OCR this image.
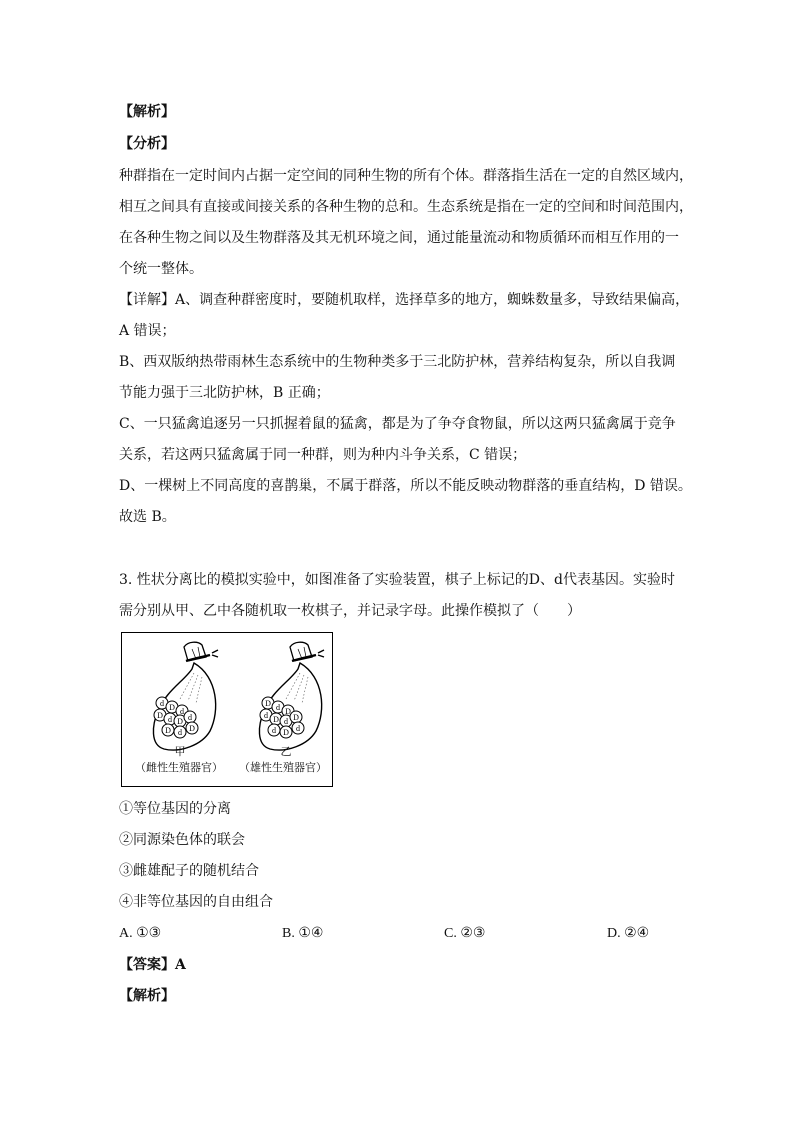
【解析】
【分析】
种群指在一定时间内占据一定空间的同种生物的所有个体。群落指生活在一定的自然区域内，
相互之间具有直接或间接关系的各种生物的总和。生态系统是指在一定的空间和时间范围内，
在各种生物之间以及生物群落及其无机环境之间，通过能量流动和物质循环而相互作用的一
个统一整体。
【详解】A、调查种群密度时，要随机取样，选择草多的地方，蜘蛛数量多，导致结果偏高，
A 错误；
B、西双版纳热带雨林生态系统中的生物种类多于三北防护林，营养结构复杂，所以自我调
节能力强于三北防护林，B 正确；
C、一只猛禽追逐另一只抓握着鼠的猛禽，都是为了争夺食物鼠，所以这两只猛禽属于竞争
关系，若这两只猛禽属于同一种群，则为种内斗争关系，C 错误；
D、一棵树上不同高度的喜鹊巢，不属于群落，所以不能反映动物群落的垂直结构，D 错误。
故选 B。
3. 性状分离比的模拟实验中，如图准备了实验装置，棋子上标记的D、d代表基因。实验时
需分别从甲、乙中各随机取一枚棋子，并记录字母。此操作模拟了（　　）
d D d
D d D d
D d D
D d D
d D d D
d D d
甲
（雌性生殖器官）
乙
（雄性生殖器官）
①等位基因的分离
②同源染色体的联会
③雌雄配子的随机结合
④非等位基因的自由组合
A. ①③	B. ①④	C. ②③	D. ②④
【答案】A
【解析】
